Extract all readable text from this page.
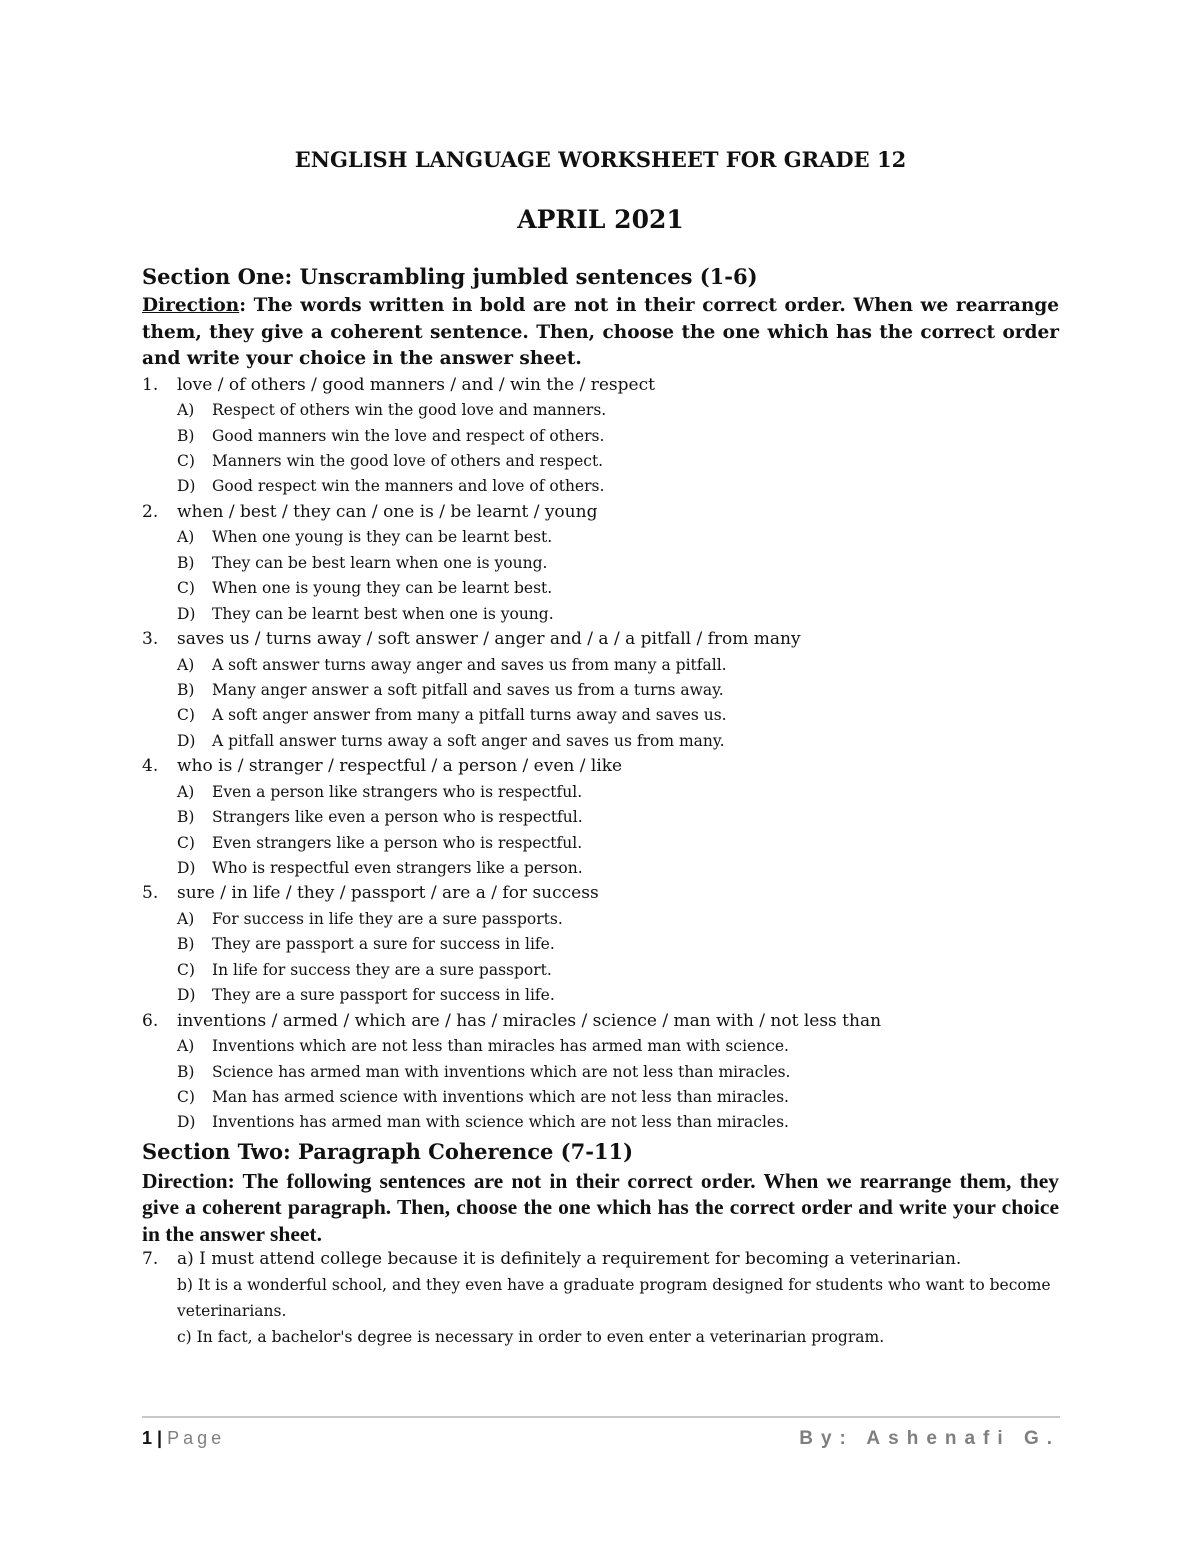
ENGLISH LANGUAGE WORKSHEET FOR GRADE 12
APRIL 2021
Section One: Unscrambling jumbled sentences (1-6)

Direction: The words written in bold are not in their correct order. When we rearrange them, they give a coherent sentence. Then, choose the one which has the correct order and write your choice in the answer sheet.

1.	love / of others / good manners / and / win the / respect
A)	Respect of others win the good love and manners.
B)	Good manners win the love and respect of others.
C)	Manners win the good love of others and respect.
D)	Good respect win the manners and love of others.
2.	when / best / they can / one is / be learnt / young
A)	When one young is they can be learnt best.
B)	They can be best learn when one is young.
C)	When one is young they can be learnt best.
D)	They can be learnt best when one is young.
3.	saves us / turns away / soft answer / anger and / a / a pitfall / from many
A)	A soft answer turns away anger and saves us from many a pitfall.
B)	Many anger answer a soft pitfall and saves us from a turns away.
C)	A soft anger answer from many a pitfall turns away and saves us.
D)	A pitfall answer turns away a soft anger and saves us from many.
4.	who is / stranger / respectful / a person / even / like
A)	Even a person like strangers who is respectful.
B)	Strangers like even a person who is respectful.
C)	Even strangers like a person who is respectful.
D)	Who is respectful even strangers like a person.
5.	sure / in life / they / passport / are a / for success
A)	For success in life they are a sure passports.
B)	They are passport a sure for success in life.
C)	In life for success they are a sure passport.
D)	They are a sure passport for success in life.
6.	inventions / armed / which are / has / miracles / science / man with / not less than
A)	Inventions which are not less than miracles has armed man with science.
B)	Science has armed man with inventions which are not less than miracles.
C)	Man has armed science with inventions which are not less than miracles.
D)	Inventions has armed man with science which are not less than miracles.
Section Two: Paragraph Coherence (7-11)

Direction: The following sentences are not in their correct order. When we rearrange them, they give a coherent paragraph. Then, choose the one which has the correct order and write your choice in the answer sheet.

7.	a) I must attend college because it is definitely a requirement for becoming a veterinarian.
b) It is a wonderful school, and they even have a graduate program designed for students who want to become veterinarians.
c) In fact, a bachelor's degree is necessary in order to even enter a veterinarian program.
1 | Page	By: Ashenafi G.
